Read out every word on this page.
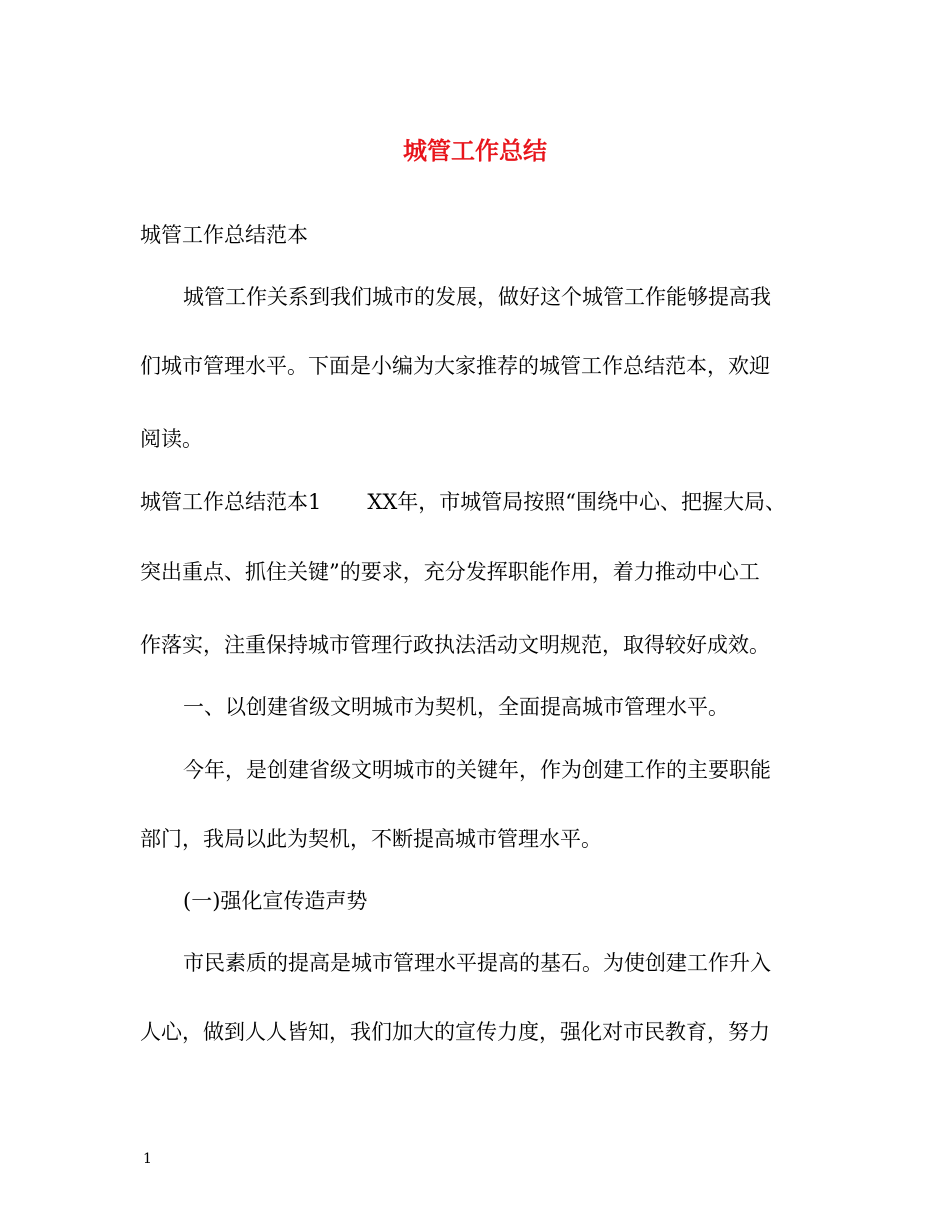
城管工作总结

城管工作总结范本

城管工作关系到我们城市的发展，做好这个城管工作能够提高我

们城市管理水平。下面是小编为大家推荐的城管工作总结范本，欢迎

阅读。

城管工作总结范本1 XX年，市城管局按照“围绕中心、把握大局、

突出重点、抓住关键”的要求，充分发挥职能作用，着力推动中心工

作落实，注重保持城市管理行政执法活动文明规范，取得较好成效。

一、以创建省级文明城市为契机，全面提高城市管理水平。

今年，是创建省级文明城市的关键年，作为创建工作的主要职能

部门，我局以此为契机，不断提高城市管理水平。

(一)强化宣传造声势

市民素质的提高是城市管理水平提高的基石。为使创建工作升入

人心，做到人人皆知，我们加大的宣传力度，强化对市民教育，努力

1
